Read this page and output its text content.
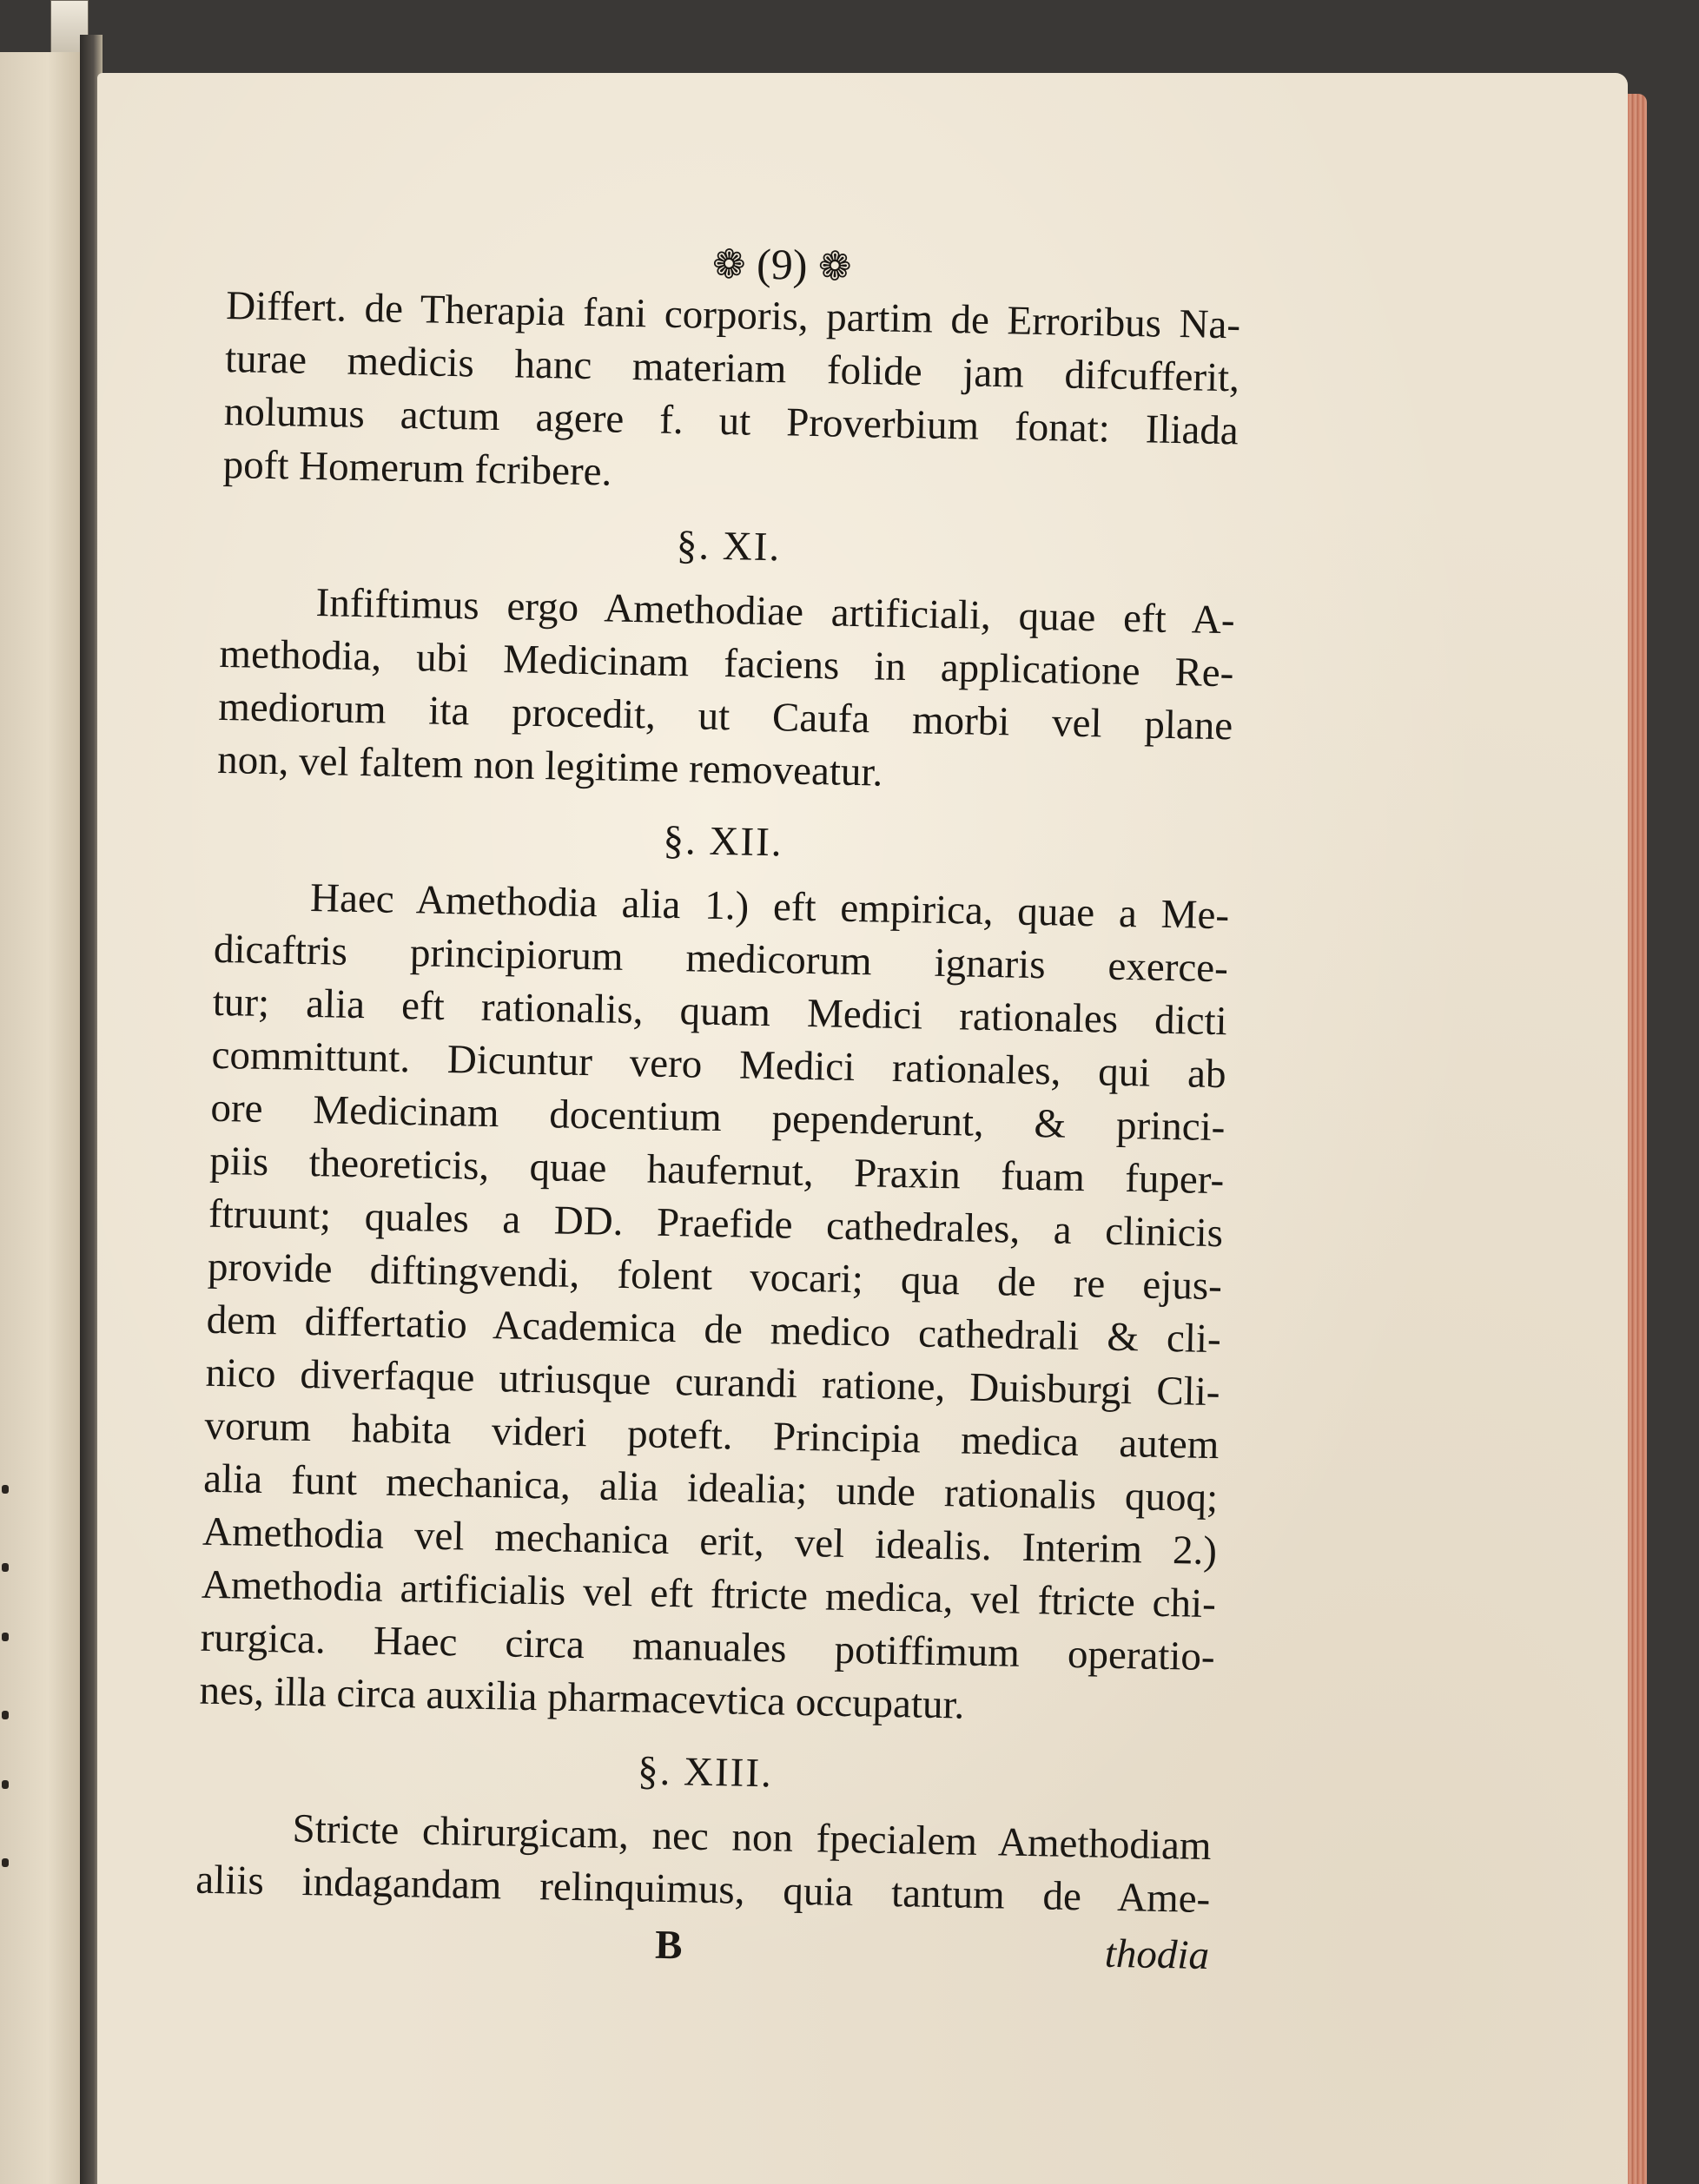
❁ (9) ❁
Differt. de Therapia fani corporis, partim de Erroribus Na-
turae medicis hanc materiam folide jam difcufferit,
nolumus actum agere f. ut Proverbium fonat: Iliada
poft Homerum fcribere.
§. XI.
Infiftimus ergo Amethodiae artificiali, quae eft A-
methodia, ubi Medicinam faciens in applicatione Re-
mediorum ita procedit, ut Caufa morbi vel plane
non, vel faltem non legitime removeatur.
§. XII.
Haec Amethodia alia 1.) eft empirica, quae a Me-
dicaftris principiorum medicorum ignaris exerce-
tur; alia eft rationalis, quam Medici rationales dicti
committunt. Dicuntur vero Medici rationales, qui ab
ore Medicinam docentium pependerunt, & princi-
piis theoreticis, quae haufernut, Praxin fuam fuper-
ftruunt; quales a DD. Praefide cathedrales, a clinicis
provide diftingvendi, folent vocari; qua de re ejus-
dem differtatio Academica de medico cathedrali & cli-
nico diverfaque utriusque curandi ratione, Duisburgi Cli-
vorum habita videri poteft. Principia medica autem
alia funt mechanica, alia idealia; unde rationalis quoq;
Amethodia vel mechanica erit, vel idealis. Interim 2.)
Amethodia artificialis vel eft ftricte medica, vel ftricte chi-
rurgica. Haec circa manuales potiffimum operatio-
nes, illa circa auxilia pharmacevtica occupatur.
§. XIII.
Stricte chirurgicam, nec non fpecialem Amethodiam
aliis indagandam relinquimus, quia tantum de Ame-
B	thodia
